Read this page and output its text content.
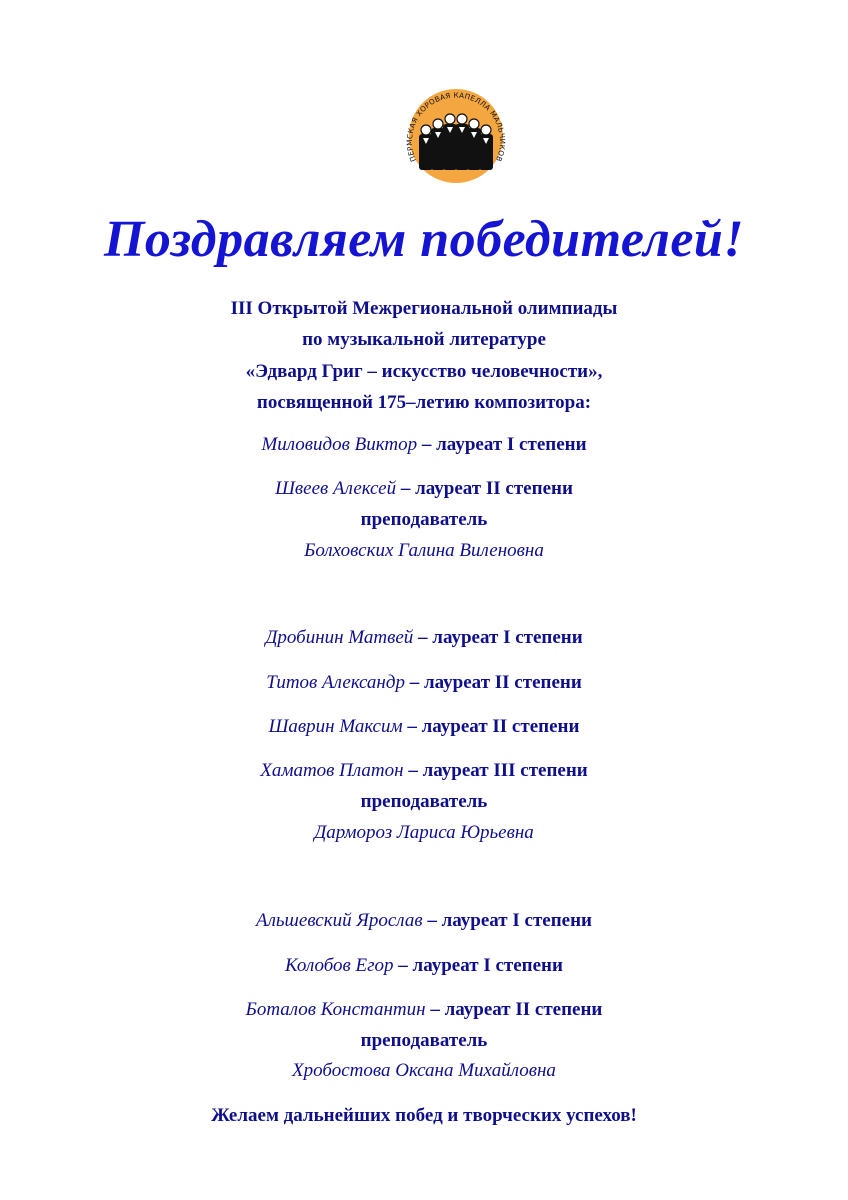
ПЕРМСКАЯ ХОРОВАЯ КАПЕЛЛА МАЛЬЧИКОВ
Поздравляем победителей!
III Открытой Межрегиональной олимпиады
по музыкальной литературе
«Эдвард Григ – искусство человечности»,
посвященной 175–летию композитора:
Миловидов Виктор – лауреат I степени
Швеев Алексей – лауреат II степени
преподаватель
Болховских Галина Виленовна
Дробинин Матвей – лауреат I степени
Титов Александр – лауреат II степени
Шаврин Максим – лауреат II степени
Хаматов Платон – лауреат III степени
преподаватель
Дармороз Лариса Юрьевна
Альшевский Ярослав – лауреат I степени
Колобов Егор – лауреат I степени
Боталов Константин – лауреат II степени
преподаватель
Хробостова Оксана Михайловна
Желаем дальнейших побед и творческих успехов!
